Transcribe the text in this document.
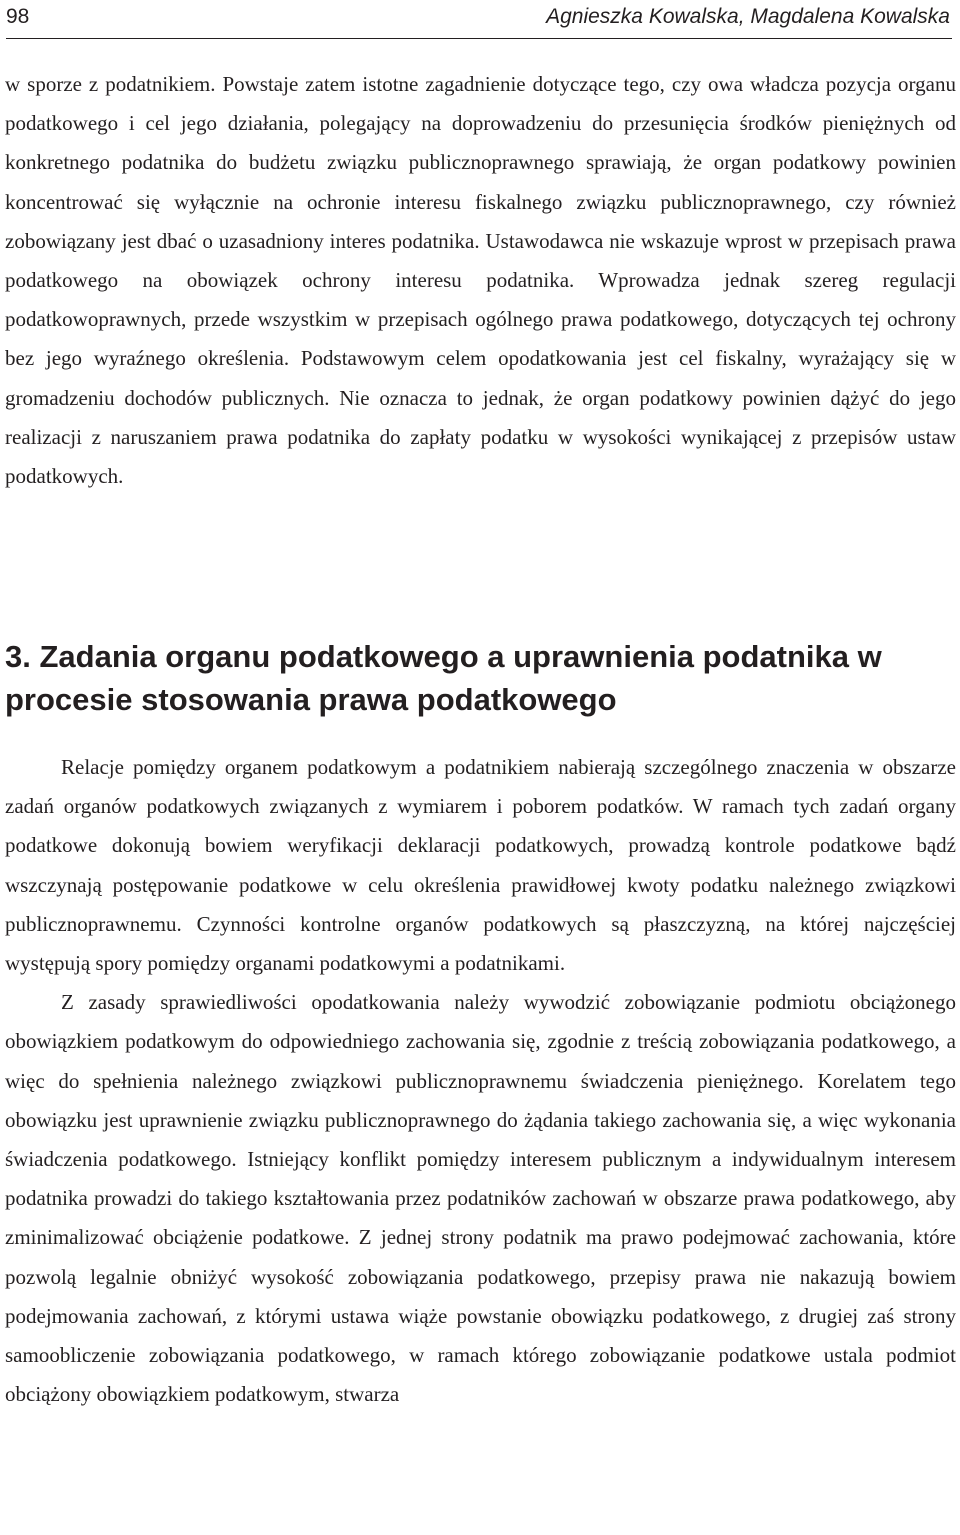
98	Agnieszka Kowalska, Magdalena Kowalska

w sporze z podatnikiem. Powstaje zatem istotne zagadnienie dotyczące tego, czy owa władcza pozycja organu podatkowego i cel jego działania, polegający na doprowadzeniu do przesunięcia środków pieniężnych od konkretnego podatnika do budżetu związku publicznoprawnego sprawiają, że organ podatkowy powinien koncentrować się wyłącznie na ochronie interesu fiskalnego związku publicznoprawnego, czy również zobowiązany jest dbać o uzasadniony interes podatnika. Ustawodawca nie wskazuje wprost w przepisach prawa podatkowego na obowiązek ochrony interesu podatnika. Wprowadza jednak szereg regulacji podatkowoprawnych, przede wszystkim w przepisach ogólnego prawa podatkowego, dotyczących tej ochrony bez jego wyraźnego określenia. Podstawowym celem opodatkowania jest cel fiskalny, wyrażający się w gromadzeniu dochodów publicznych. Nie oznacza to jednak, że organ podatkowy powinien dążyć do jego realizacji z naruszaniem prawa podatnika do zapłaty podatku w wysokości wynikającej z przepisów ustaw podatkowych.

3. Zadania organu podatkowego a uprawnienia podatnika w procesie stosowania prawa podatkowego

Relacje pomiędzy organem podatkowym a podatnikiem nabierają szczególnego znaczenia w obszarze zadań organów podatkowych związanych z wymiarem i poborem podatków. W ramach tych zadań organy podatkowe dokonują bowiem weryfikacji deklaracji podatkowych, prowadzą kontrole podatkowe bądź wszczynają postępowanie podatkowe w celu określenia prawidłowej kwoty podatku należnego związkowi publicznoprawnemu. Czynności kontrolne organów podatkowych są płaszczyzną, na której najczęściej występują spory pomiędzy organami podatkowymi a podatnikami.

Z zasady sprawiedliwości opodatkowania należy wywodzić zobowiązanie podmiotu obciążonego obowiązkiem podatkowym do odpowiedniego zachowania się, zgodnie z treścią zobowiązania podatkowego, a więc do spełnienia należnego związkowi publicznoprawnemu świadczenia pieniężnego. Korelatem tego obowiązku jest uprawnienie związku publicznoprawnego do żądania takiego zachowania się, a więc wykonania świadczenia podatkowego. Istniejący konflikt pomiędzy interesem publicznym a indywidualnym interesem podatnika prowadzi do takiego kształtowania przez podatników zachowań w obszarze prawa podatkowego, aby zminimalizować obciążenie podatkowe. Z jednej strony podatnik ma prawo podejmować zachowania, które pozwolą legalnie obniżyć wysokość zobowiązania podatkowego, przepisy prawa nie nakazują bowiem podejmowania zachowań, z którymi ustawa wiąże powstanie obowiązku podatkowego, z drugiej zaś strony samoobliczenie zobowiązania podatkowego, w ramach którego zobowiązanie podatkowe ustala podmiot obciążony obowiązkiem podatkowym, stwarza
